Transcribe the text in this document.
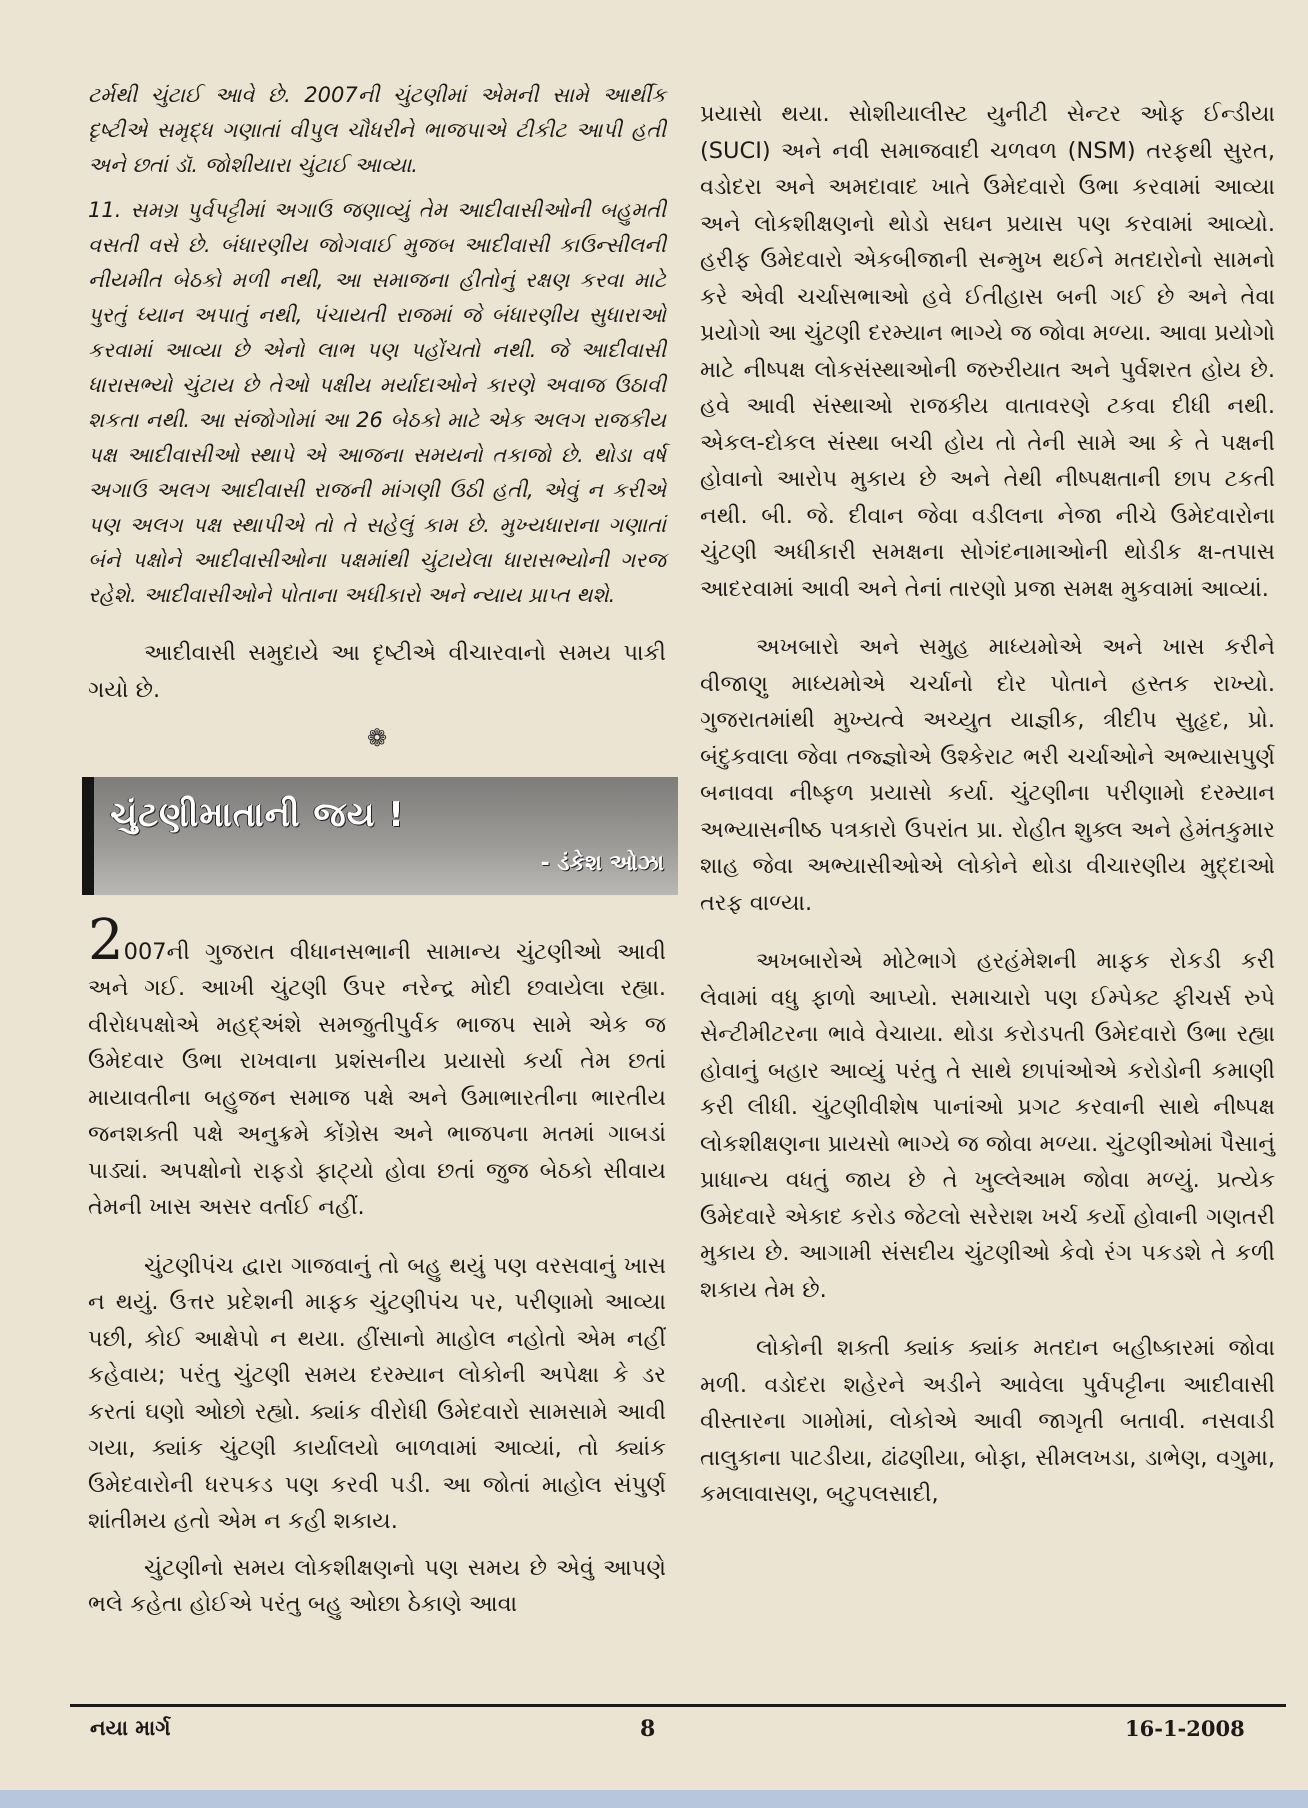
ટર્મથી ચુંટાઈ આવે છે. 2007ની ચુંટણીમાં એમની સામે આર્થીક દૃષ્ટીએ સમૃદ્ધ ગણાતાં વીપુલ ચૌધરીને ભાજપાએ ટીકીટ આપી હતી અને છતાં ડૉ. જોશીયારા ચુંટાઈ આવ્યા.

11. સમગ્ર પુર્વપટ્ટીમાં અગાઉ જણાવ્યું તેમ આદીવાસીઓની બહુમતી વસતી વસે છે. બંધારણીય જોગવાઈ મુજબ આદીવાસી કાઉન્સીલની નીયમીત બેઠકો મળી નથી, આ સમાજના હીતોનું રક્ષણ કરવા માટે પુરતું ધ્યાન અપાતું નથી, પંચાયતી રાજમાં જે બંધારણીય સુધારાઓ કરવામાં આવ્યા છે એનો લાભ પણ પહોંચતો નથી. જે આદીવાસી ધારાસભ્યો ચુંટાય છે તેઓ પક્ષીય મર્યાદાઓને કારણે અવાજ ઉઠાવી શકતા નથી. આ સંજોગોમાં આ 26 બેઠકો માટે એક અલગ રાજકીય પક્ષ આદીવાસીઓ સ્થાપે એ આજના સમયનો તકાજો છે. થોડા વર્ષ અગાઉ અલગ આદીવાસી રાજની માંગણી ઉઠી હતી, એવું ન કરીએ પણ અલગ પક્ષ સ્થાપીએ તો તે સહેલું કામ છે. મુખ્યધારાના ગણાતાં બંને પક્ષોને આદીવાસીઓના પક્ષમાંથી ચુંટાયેલા ધારાસભ્યોની ગરજ રહેશે. આદીવાસીઓને પોતાના અધીકારો અને ન્યાય પ્રાપ્ત થશે.

આદીવાસી સમુદાયે આ દૃષ્ટીએ વીચારવાનો સમય પાકી ગયો છે.

❁
ચુંટણીમાતાની જય !
- ડંકેશ ઓઝા

2007ની ગુજરાત વીધાનસભાની સામાન્ય ચુંટણીઓ આવી અને ગઈ. આખી ચુંટણી ઉપર નરેન્દ્ર મોદી છવાયેલા રહ્યા. વીરોધપક્ષોએ મહદ્અંશે સમજુતીપુર્વક ભાજપ સામે એક જ ઉમેદવાર ઉભા રાખવાના પ્રશંસનીય પ્રયાસો કર્યા તેમ છતાં માયાવતીના બહુજન સમાજ પક્ષે અને ઉમાભારતીના ભારતીય જનશક્તી પક્ષે અનુક્રમે કોંગ્રેસ અને ભાજપના મતમાં ગાબડાં પાડ્યાં. અપક્ષોનો રાફડો ફાટ્યો હોવા છતાં જુજ બેઠકો સીવાય તેમની ખાસ અસર વર્તાઈ નહીં.

ચુંટણીપંચ દ્વારા ગાજવાનું તો બહુ થયું પણ વરસવાનું ખાસ ન થયું. ઉત્તર પ્રદેશની માફક ચુંટણીપંચ પર, પરીણામો આવ્યા પછી, કોઈ આક્ષેપો ન થયા. હીંસાનો માહોલ નહોતો એમ નહીં કહેવાય; પરંતુ ચુંટણી સમય દરમ્યાન લોકોની અપેક્ષા કે ડર કરતાં ઘણો ઓછો રહ્યો. ક્યાંક વીરોધી ઉમેદવારો સામસામે આવી ગયા, ક્યાંક ચુંટણી કાર્યાલયો બાળવામાં આવ્યાં, તો ક્યાંક ઉમેદવારોની ધરપકડ પણ કરવી પડી. આ જોતાં માહોલ સંપુર્ણ શાંતીમય હતો એમ ન કહી શકાય.

ચુંટણીનો સમય લોકશીક્ષણનો પણ સમય છે એવું આપણે ભલે કહેતા હોઈએ પરંતુ બહુ ઓછા ઠેકાણે આવા

પ્રયાસો થયા. સોશીયાલીસ્ટ યુનીટી સેન્ટર ઓફ ઈન્ડીયા (SUCI) અને નવી સમાજવાદી ચળવળ (NSM) તરફથી સુરત, વડોદરા અને અમદાવાદ ખાતે ઉમેદવારો ઉભા કરવામાં આવ્યા અને લોકશીક્ષણનો થોડો સઘન પ્રયાસ પણ કરવામાં આવ્યો. હરીફ ઉમેદવારો એકબીજાની સન્મુખ થઈને મતદારોનો સામનો કરે એવી ચર્ચાસભાઓ હવે ઈતીહાસ બની ગઈ છે અને તેવા પ્રયોગો આ ચુંટણી દરમ્યાન ભાગ્યે જ જોવા મળ્યા. આવા પ્રયોગો માટે નીષ્પક્ષ લોકસંસ્થાઓની જરુરીયાત અને પુર્વશરત હોય છે. હવે આવી સંસ્થાઓ રાજકીય વાતાવરણે ટકવા દીધી નથી. એકલ-દોકલ સંસ્થા બચી હોય તો તેની સામે આ કે તે પક્ષની હોવાનો આરોપ મુકાય છે અને તેથી નીષ્પક્ષતાની છાપ ટકતી નથી. બી. જે. દીવાન જેવા વડીલના નેજા નીચે ઉમેદવારોના ચુંટણી અધીકારી સમક્ષના સોગંદનામાઓની થોડીક ક્ષ-તપાસ આદરવામાં આવી અને તેનાં તારણો પ્રજા સમક્ષ મુકવામાં આવ્યાં.

અખબારો અને સમુહ માધ્યમોએ અને ખાસ કરીને વીજાણુ માધ્યમોએ ચર્ચાનો દોર પોતાને હસ્તક રાખ્યો. ગુજરાતમાંથી મુખ્યત્વે અચ્યુત યાજ્ઞીક, ત્રીદીપ સુહૃદ, પ્રો. બંદુકવાલા જેવા તજ્જ્ઞોએ ઉશ્કેરાટ ભરી ચર્ચાઓને અભ્યાસપુર્ણ બનાવવા નીષ્ફળ પ્રયાસો કર્યા. ચુંટણીના પરીણામો દરમ્યાન અભ્યાસનીષ્ઠ પત્રકારો ઉપરાંત પ્રા. રોહીત શુક્લ અને હેમંતકુમાર શાહ જેવા અભ્યાસીઓએ લોકોને થોડા વીચારણીય મુદ્દાઓ તરફ વાળ્યા.

અખબારોએ મોટેભાગે હરહંમેશની માફક રોકડી કરી લેવામાં વધુ ફાળો આપ્યો. સમાચારો પણ ઈમ્પેક્ટ ફીચર્સ રુપે સેન્ટીમીટરના ભાવે વેચાયા. થોડા કરોડપતી ઉમેદવારો ઉભા રહ્યા હોવાનું બહાર આવ્યું પરંતુ તે સાથે છાપાંઓએ કરોડોની કમાણી કરી લીધી. ચુંટણીવીશેષ પાનાંઓ પ્રગટ કરવાની સાથે નીષ્પક્ષ લોકશીક્ષણના પ્રાયસો ભાગ્યે જ જોવા મળ્યા. ચુંટણીઓમાં પૈસાનું પ્રાધાન્ય વધતું જાય છે તે ખુલ્લેઆમ જોવા મળ્યું. પ્રત્યેક ઉમેદવારે એકાદ કરોડ જેટલો સરેરાશ ખર્ચ કર્યો હોવાની ગણતરી મુકાય છે. આગામી સંસદીય ચુંટણીઓ કેવો રંગ પકડશે તે કળી શકાય તેમ છે.

લોકોની શક્તી ક્યાંક ક્યાંક મતદાન બહીષ્કારમાં જોવા મળી. વડોદરા શહેરને અડીને આવેલા પુર્વપટ્ટીના આદીવાસી વીસ્તારના ગામોમાં, લોકોએ આવી જાગૃતી બતાવી. નસવાડી તાલુકાના પાટડીયા, ઢાંઢણીયા, બોફા, સીમલખડા, ડાભેણ, વગુમા, કમલાવાસણ, બટુપલસાદી,

નયા માર્ગ	8	16-1-2008
